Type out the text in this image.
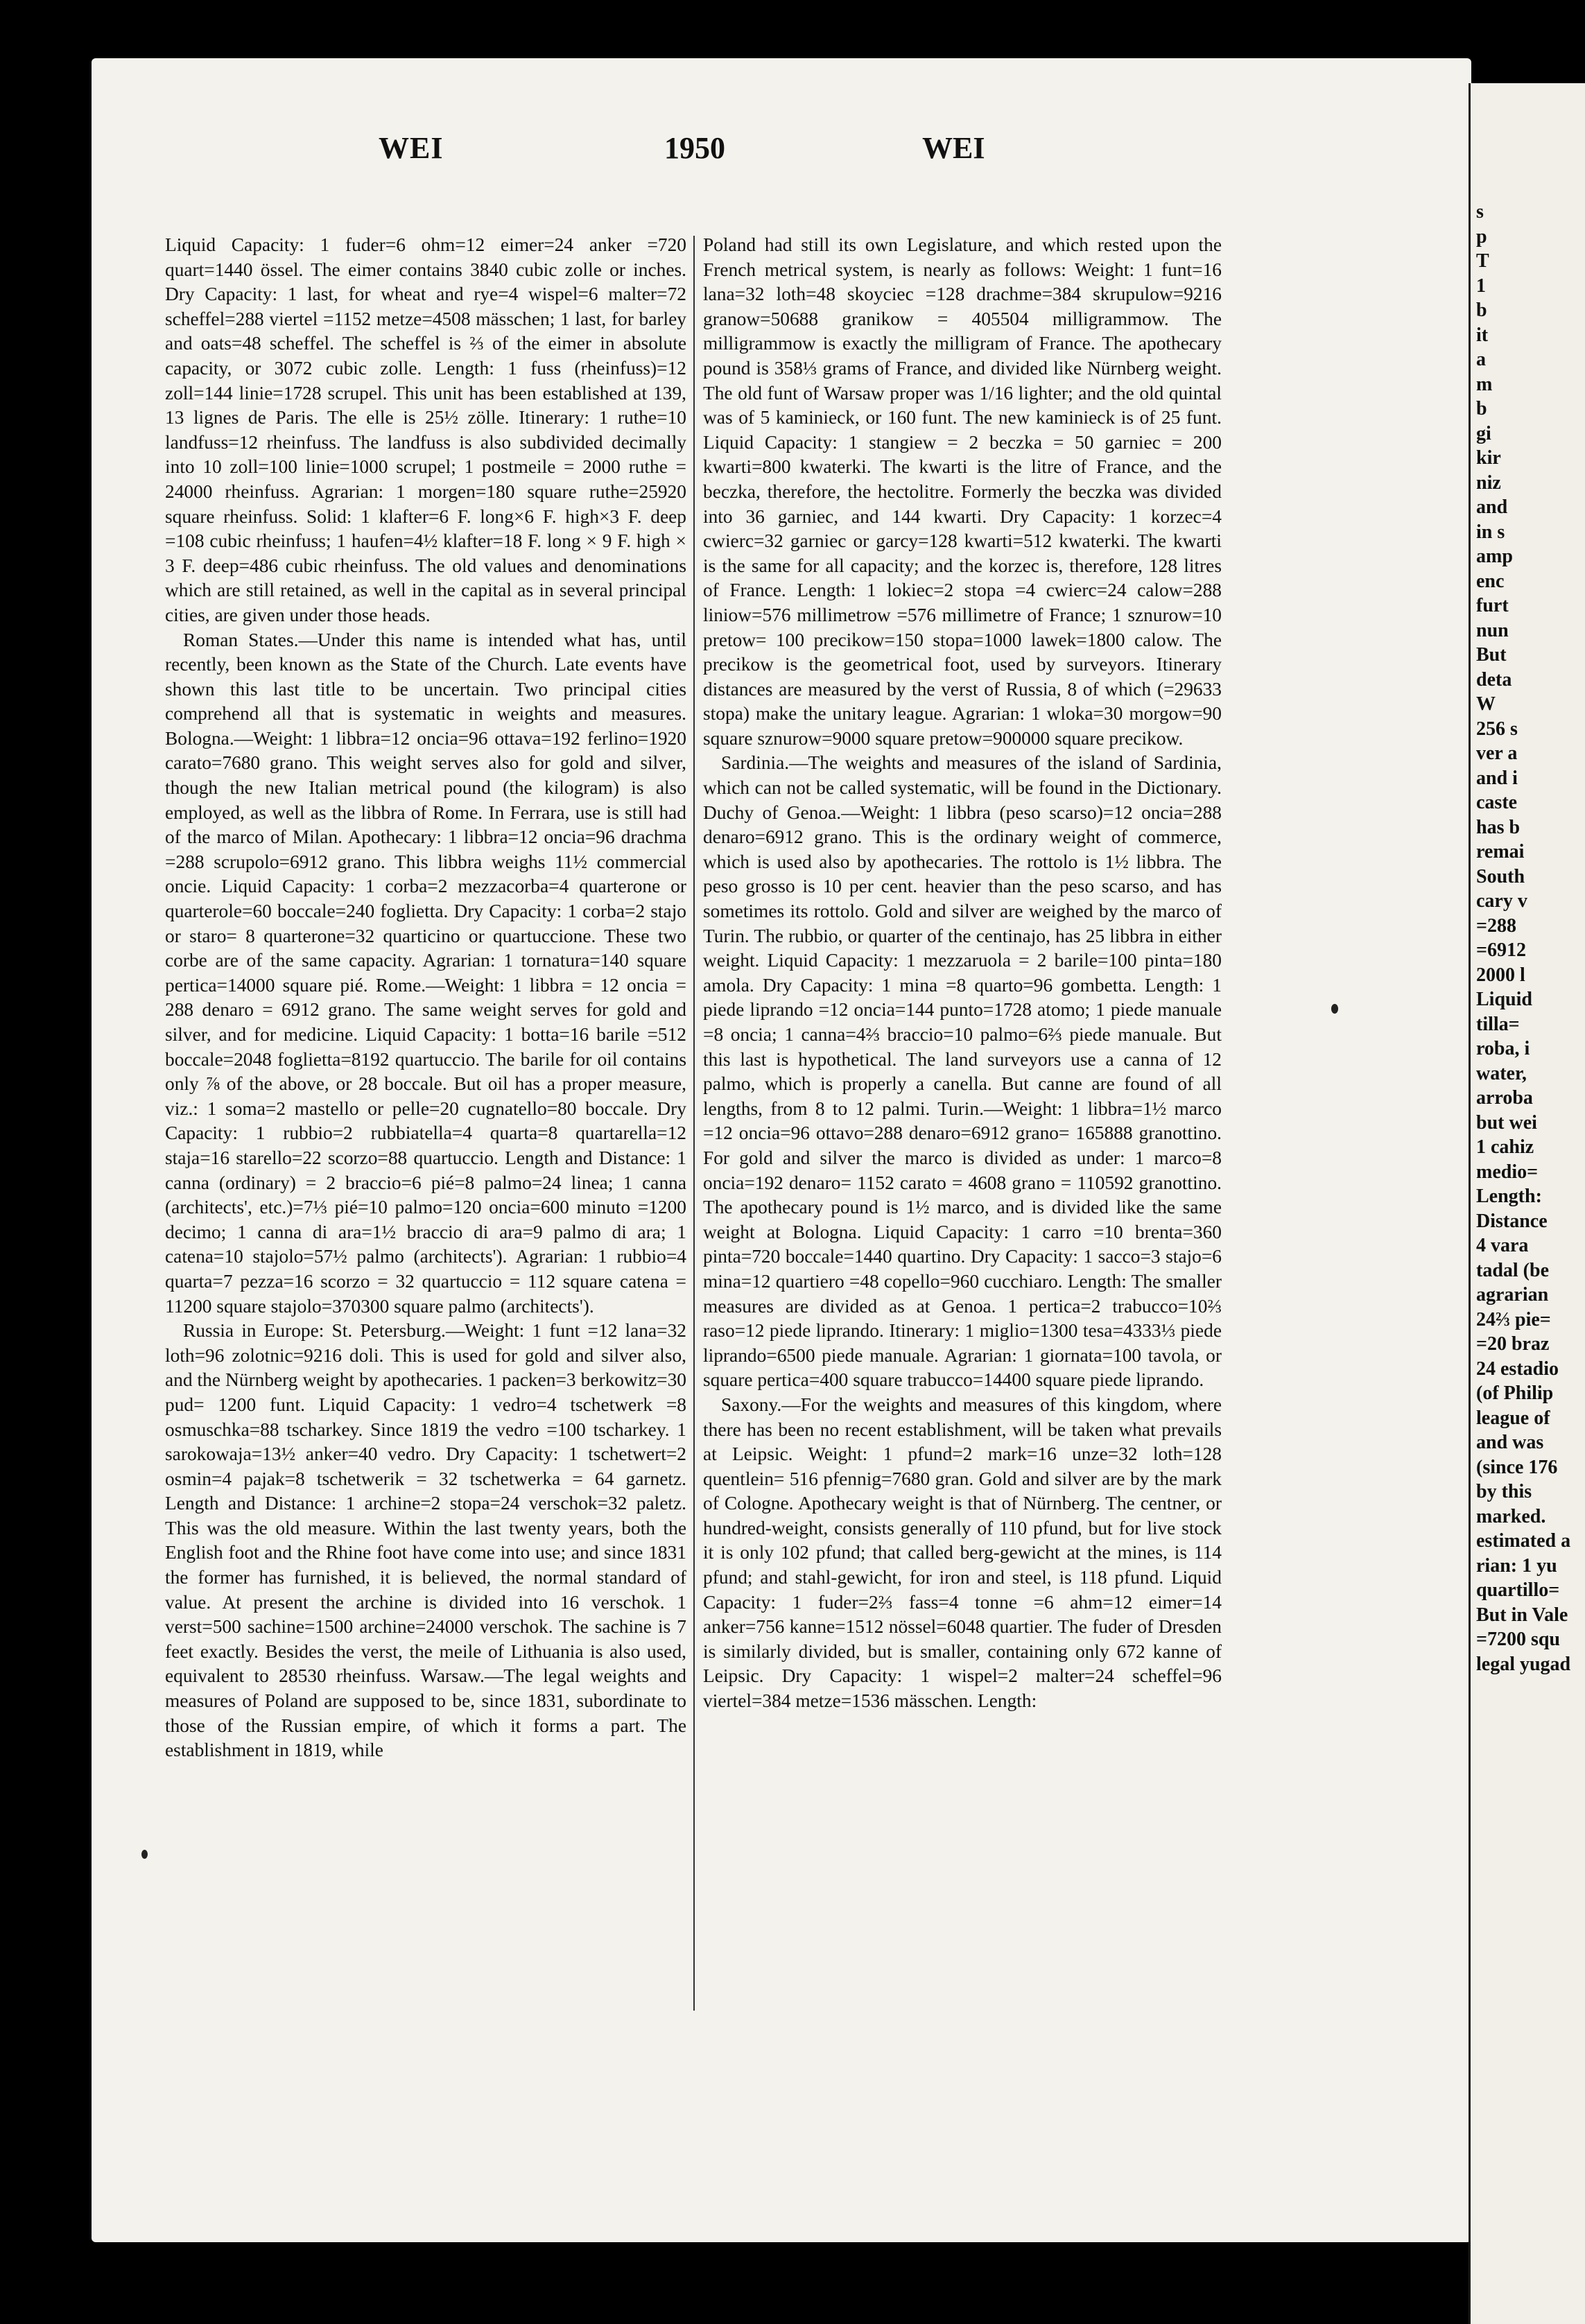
WEI	1950	WEI

Liquid Capacity: 1 fuder=6 ohm=12 eimer=24 anker =720 quart=1440 össel. The eimer contains 3840 cubic zolle or inches. Dry Capacity: 1 last, for wheat and rye=4 wispel=6 malter=72 scheffel=288 viertel =1152 metze=4508 mässchen; 1 last, for barley and oats=48 scheffel. The scheffel is ⅔ of the eimer in absolute capacity, or 3072 cubic zolle. Length: 1 fuss (rheinfuss)=12 zoll=144 linie=1728 scrupel. This unit has been established at 139, 13 lignes de Paris. The elle is 25½ zölle. Itinerary: 1 ruthe=10 landfuss=12 rheinfuss. The landfuss is also subdivided decimally into 10 zoll=100 linie=1000 scrupel; 1 postmeile = 2000 ruthe = 24000 rheinfuss. Agrarian: 1 morgen=180 square ruthe=25920 square rheinfuss. Solid: 1 klafter=6 F. long×6 F. high×3 F. deep =108 cubic rheinfuss; 1 haufen=4½ klafter=18 F. long × 9 F. high × 3 F. deep=486 cubic rheinfuss. The old values and denominations which are still retained, as well in the capital as in several principal cities, are given under those heads.

Roman States.—Under this name is intended what has, until recently, been known as the State of the Church. Late events have shown this last title to be uncertain. Two principal cities comprehend all that is systematic in weights and measures. Bologna.—Weight: 1 libbra=12 oncia=96 ottava=192 ferlino=1920 carato=7680 grano. This weight serves also for gold and silver, though the new Italian metrical pound (the kilogram) is also employed, as well as the libbra of Rome. In Ferrara, use is still had of the marco of Milan. Apothecary: 1 libbra=12 oncia=96 drachma =288 scrupolo=6912 grano. This libbra weighs 11½ commercial oncie. Liquid Capacity: 1 corba=2 mezzacorba=4 quarterone or quarterole=60 boccale=240 foglietta. Dry Capacity: 1 corba=2 stajo or staro= 8 quarterone=32 quarticino or quartuccione. These two corbe are of the same capacity. Agrarian: 1 tornatura=140 square pertica=14000 square pié. Rome.—Weight: 1 libbra = 12 oncia = 288 denaro = 6912 grano. The same weight serves for gold and silver, and for medicine. Liquid Capacity: 1 botta=16 barile =512 boccale=2048 foglietta=8192 quartuccio. The barile for oil contains only ⅞ of the above, or 28 boccale. But oil has a proper measure, viz.: 1 soma=2 mastello or pelle=20 cugnatello=80 boccale. Dry Capacity: 1 rubbio=2 rubbiatella=4 quarta=8 quartarella=12 staja=16 starello=22 scorzo=88 quartuccio. Length and Distance: 1 canna (ordinary) = 2 braccio=6 pié=8 palmo=24 linea; 1 canna (architects', etc.)=7⅓ pié=10 palmo=120 oncia=600 minuto =1200 decimo; 1 canna di ara=1½ braccio di ara=9 palmo di ara; 1 catena=10 stajolo=57½ palmo (architects'). Agrarian: 1 rubbio=4 quarta=7 pezza=16 scorzo = 32 quartuccio = 112 square catena = 11200 square stajolo=370300 square palmo (architects').

Russia in Europe: St. Petersburg.—Weight: 1 funt =12 lana=32 loth=96 zolotnic=9216 doli. This is used for gold and silver also, and the Nürnberg weight by apothecaries. 1 packen=3 berkowitz=30 pud= 1200 funt. Liquid Capacity: 1 vedro=4 tschetwerk =8 osmuschka=88 tscharkey. Since 1819 the vedro =100 tscharkey. 1 sarokowaja=13½ anker=40 vedro. Dry Capacity: 1 tschetwert=2 osmin=4 pajak=8 tschetwerik = 32 tschetwerka = 64 garnetz. Length and Distance: 1 archine=2 stopa=24 verschok=32 paletz. This was the old measure. Within the last twenty years, both the English foot and the Rhine foot have come into use; and since 1831 the former has furnished, it is believed, the normal standard of value. At present the archine is divided into 16 verschok. 1 verst=500 sachine=1500 archine=24000 verschok. The sachine is 7 feet exactly. Besides the verst, the meile of Lithuania is also used, equivalent to 28530 rheinfuss. Warsaw.—The legal weights and measures of Poland are supposed to be, since 1831, subordinate to those of the Russian empire, of which it forms a part. The establishment in 1819, while

Poland had still its own Legislature, and which rested upon the French metrical system, is nearly as follows: Weight: 1 funt=16 lana=32 loth=48 skoyciec =128 drachme=384 skrupulow=9216 granow=50688 granikow = 405504 milligrammow. The milligrammow is exactly the milligram of France. The apothecary pound is 358⅓ grams of France, and divided like Nürnberg weight. The old funt of Warsaw proper was 1/16 lighter; and the old quintal was of 5 kaminieck, or 160 funt. The new kaminieck is of 25 funt. Liquid Capacity: 1 stangiew = 2 beczka = 50 garniec = 200 kwarti=800 kwaterki. The kwarti is the litre of France, and the beczka, therefore, the hectolitre. Formerly the beczka was divided into 36 garniec, and 144 kwarti. Dry Capacity: 1 korzec=4 cwierc=32 garniec or garcy=128 kwarti=512 kwaterki. The kwarti is the same for all capacity; and the korzec is, therefore, 128 litres of France. Length: 1 lokiec=2 stopa =4 cwierc=24 calow=288 liniow=576 millimetrow =576 millimetre of France; 1 sznurow=10 pretow= 100 precikow=150 stopa=1000 lawek=1800 calow. The precikow is the geometrical foot, used by surveyors. Itinerary distances are measured by the verst of Russia, 8 of which (=29633 stopa) make the unitary league. Agrarian: 1 wloka=30 morgow=90 square sznurow=9000 square pretow=900000 square precikow.

Sardinia.—The weights and measures of the island of Sardinia, which can not be called systematic, will be found in the Dictionary. Duchy of Genoa.—Weight: 1 libbra (peso scarso)=12 oncia=288 denaro=6912 grano. This is the ordinary weight of commerce, which is used also by apothecaries. The rottolo is 1½ libbra. The peso grosso is 10 per cent. heavier than the peso scarso, and has sometimes its rottolo. Gold and silver are weighed by the marco of Turin. The rubbio, or quarter of the centinajo, has 25 libbra in either weight. Liquid Capacity: 1 mezzaruola = 2 barile=100 pinta=180 amola. Dry Capacity: 1 mina =8 quarto=96 gombetta. Length: 1 piede liprando =12 oncia=144 punto=1728 atomo; 1 piede manuale =8 oncia; 1 canna=4⅔ braccio=10 palmo=6⅔ piede manuale. But this last is hypothetical. The land surveyors use a canna of 12 palmo, which is properly a canella. But canne are found of all lengths, from 8 to 12 palmi. Turin.—Weight: 1 libbra=1½ marco =12 oncia=96 ottavo=288 denaro=6912 grano= 165888 granottino. For gold and silver the marco is divided as under: 1 marco=8 oncia=192 denaro= 1152 carato = 4608 grano = 110592 granottino. The apothecary pound is 1½ marco, and is divided like the same weight at Bologna. Liquid Capacity: 1 carro =10 brenta=360 pinta=720 boccale=1440 quartino. Dry Capacity: 1 sacco=3 stajo=6 mina=12 quartiero =48 copello=960 cucchiaro. Length: The smaller measures are divided as at Genoa. 1 pertica=2 trabucco=10⅔ raso=12 piede liprando. Itinerary: 1 miglio=1300 tesa=4333⅓ piede liprando=6500 piede manuale. Agrarian: 1 giornata=100 tavola, or square pertica=400 square trabucco=14400 square piede liprando.

Saxony.—For the weights and measures of this kingdom, where there has been no recent establishment, will be taken what prevails at Leipsic. Weight: 1 pfund=2 mark=16 unze=32 loth=128 quentlein= 516 pfennig=7680 gran. Gold and silver are by the mark of Cologne. Apothecary weight is that of Nürnberg. The centner, or hundred-weight, consists generally of 110 pfund, but for live stock it is only 102 pfund; that called berg-gewicht at the mines, is 114 pfund; and stahl-gewicht, for iron and steel, is 118 pfund. Liquid Capacity: 1 fuder=2⅔ fass=4 tonne =6 ahm=12 eimer=14 anker=756 kanne=1512 nössel=6048 quartier. The fuder of Dresden is similarly divided, but is smaller, containing only 672 kanne of Leipsic. Dry Capacity: 1 wispel=2 malter=24 scheffel=96 viertel=384 metze=1536 mässchen. Length:

s
p
T
1
b
it
a
m
b
gi
kir
niz
and
in s
amp
enc
furt
nun
But
deta
W
256 s
ver a
and i
caste
has b
remai
South
cary v
=288
=6912
2000 l
Liquid
tilla=
roba, i
water,
arroba
but wei
1 cahiz
medio=
Length:
Distance
4 vara
tadal (be
agrarian
24⅔ pie=
=20 braz
24 estadio
(of Philip
league of
and was
(since 176
by this
marked.
estimated a
rian: 1 yu
quartillo=
But in Vale
=7200 squ
legal yugad
